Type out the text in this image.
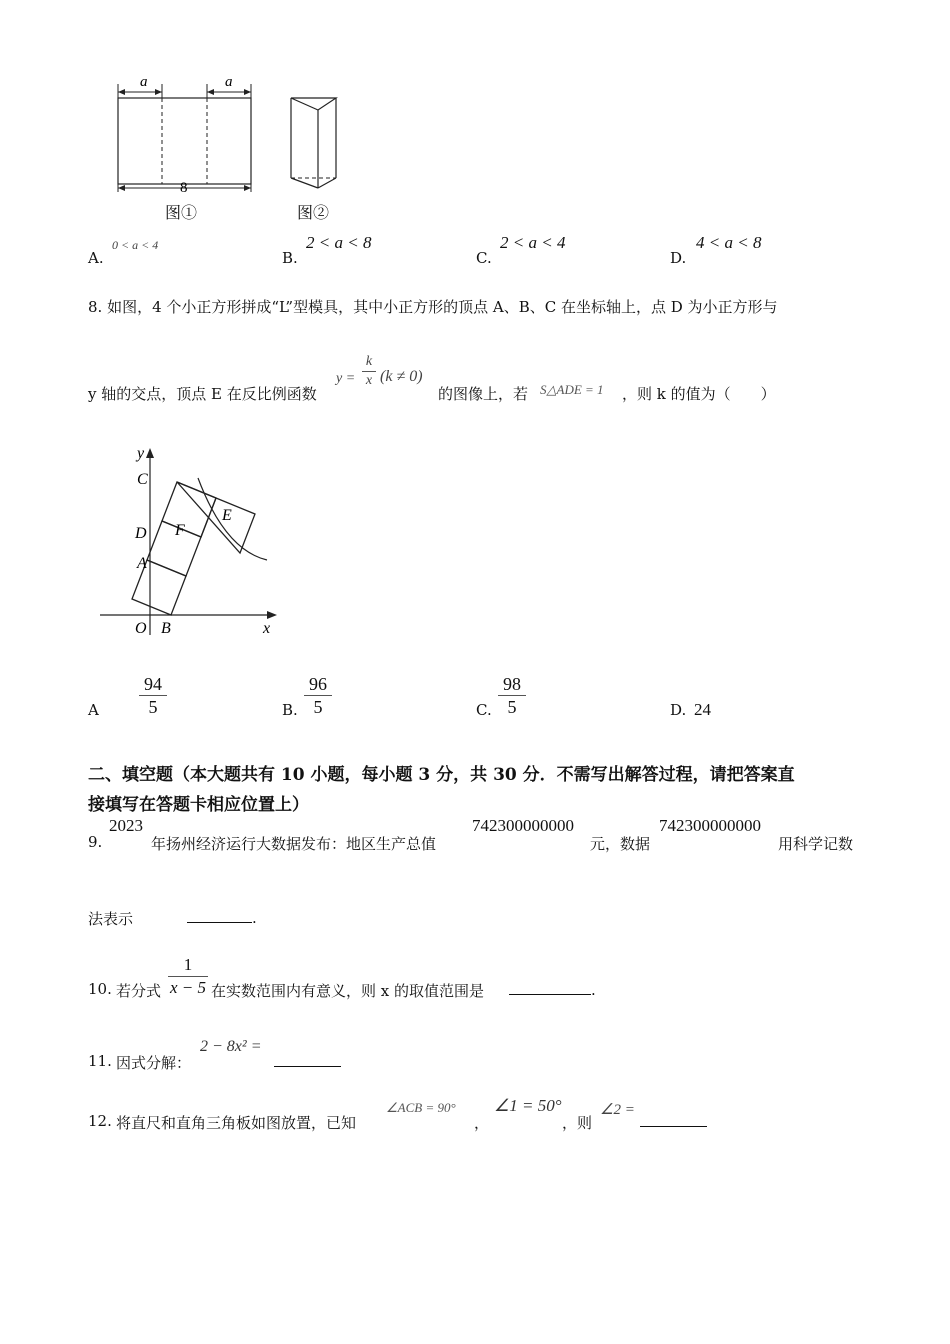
a	a
8
图①	图②
A.
0 < a < 4
B.
2 < a < 8
C.
2 < a < 4
D.
4 < a < 8
8. 如图，4 个小正方形拼成“L”型模具，其中小正方形的顶点 A、B、C 在坐标轴上，点 D 为小正方形与
y 轴的交点，顶点 E 在反比例函数
y =
k
x (k ≠ 0)
的图像上，若 S△ADE = 1 ，则 k 的值为（　　）
y
x
C
D
A
O B
F
E
A
94
5	B.
96
5	C.
98
5	D. 24
二、填空题（本大题共有 10 小题，每小题 3 分，共 30 分．不需写出解答过程，请把答案直
接填写在答题卡相应位置上）
9.
2023
年扬州经济运行大数据发布：地区生产总值
742300000000
元，数据
742300000000
用科学记数
法表示	.
10. 若分式
1
x − 5 在实数范围内有意义，则 x 的取值范围是	.
11. 因式分解：
2 − 8x² =
12. 将直尺和直角三角板如图放置，已知
∠ACB = 90°
，
∠1 = 50°
，则
∠2 =
